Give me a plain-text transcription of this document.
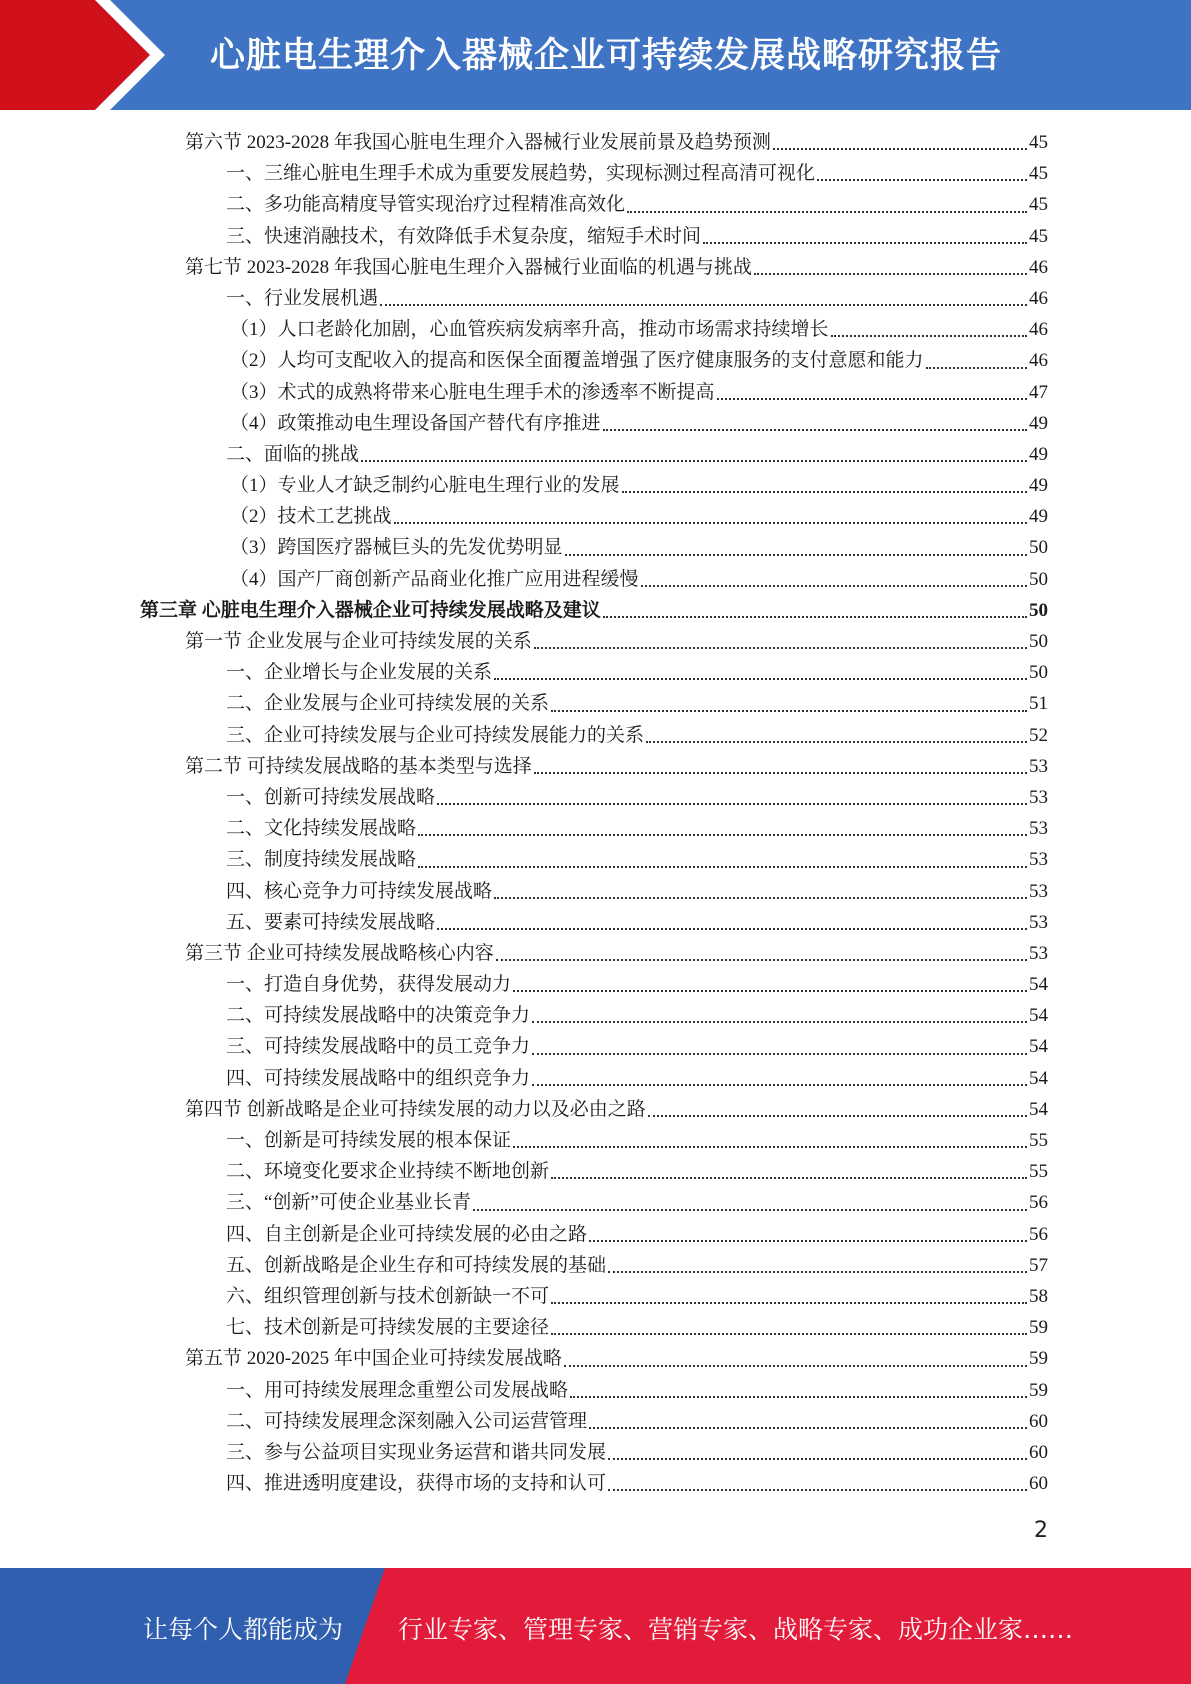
心脏电生理介入器械企业可持续发展战略研究报告
第六节 2023-2028 年我国心脏电生理介入器械行业发展前景及趋势预测	45
一、三维心脏电生理手术成为重要发展趋势，实现标测过程高清可视化	45
二、多功能高精度导管实现治疗过程精准高效化	45
三、快速消融技术，有效降低手术复杂度，缩短手术时间	45
第七节 2023-2028 年我国心脏电生理介入器械行业面临的机遇与挑战	46
一、行业发展机遇	46
（1）人口老龄化加剧，心血管疾病发病率升高，推动市场需求持续增长	46
（2）人均可支配收入的提高和医保全面覆盖增强了医疗健康服务的支付意愿和能力	46
（3）术式的成熟将带来心脏电生理手术的渗透率不断提高	47
（4）政策推动电生理设备国产替代有序推进	49
二、面临的挑战	49
（1）专业人才缺乏制约心脏电生理行业的发展	49
（2）技术工艺挑战	49
（3）跨国医疗器械巨头的先发优势明显	50
（4）国产厂商创新产品商业化推广应用进程缓慢	50
第三章 心脏电生理介入器械企业可持续发展战略及建议	50
第一节 企业发展与企业可持续发展的关系	50
一、企业增长与企业发展的关系	50
二、企业发展与企业可持续发展的关系	51
三、企业可持续发展与企业可持续发展能力的关系	52
第二节 可持续发展战略的基本类型与选择	53
一、创新可持续发展战略	53
二、文化持续发展战略	53
三、制度持续发展战略	53
四、核心竞争力可持续发展战略	53
五、要素可持续发展战略	53
第三节 企业可持续发展战略核心内容	53
一、打造自身优势，获得发展动力	54
二、可持续发展战略中的决策竞争力	54
三、可持续发展战略中的员工竞争力	54
四、可持续发展战略中的组织竞争力	54
第四节 创新战略是企业可持续发展的动力以及必由之路	54
一、创新是可持续发展的根本保证	55
二、环境变化要求企业持续不断地创新	55
三、“创新”可使企业基业长青	56
四、自主创新是企业可持续发展的必由之路	56
五、创新战略是企业生存和可持续发展的基础	57
六、组织管理创新与技术创新缺一不可	58
七、技术创新是可持续发展的主要途径	59
第五节 2020-2025 年中国企业可持续发展战略	59
一、用可持续发展理念重塑公司发展战略	59
二、可持续发展理念深刻融入公司运营管理	60
三、参与公益项目实现业务运营和谐共同发展	60
四、推进透明度建设，获得市场的支持和认可	60
2
让每个人都能成为 行业专家、管理专家、营销专家、战略专家、成功企业家……
